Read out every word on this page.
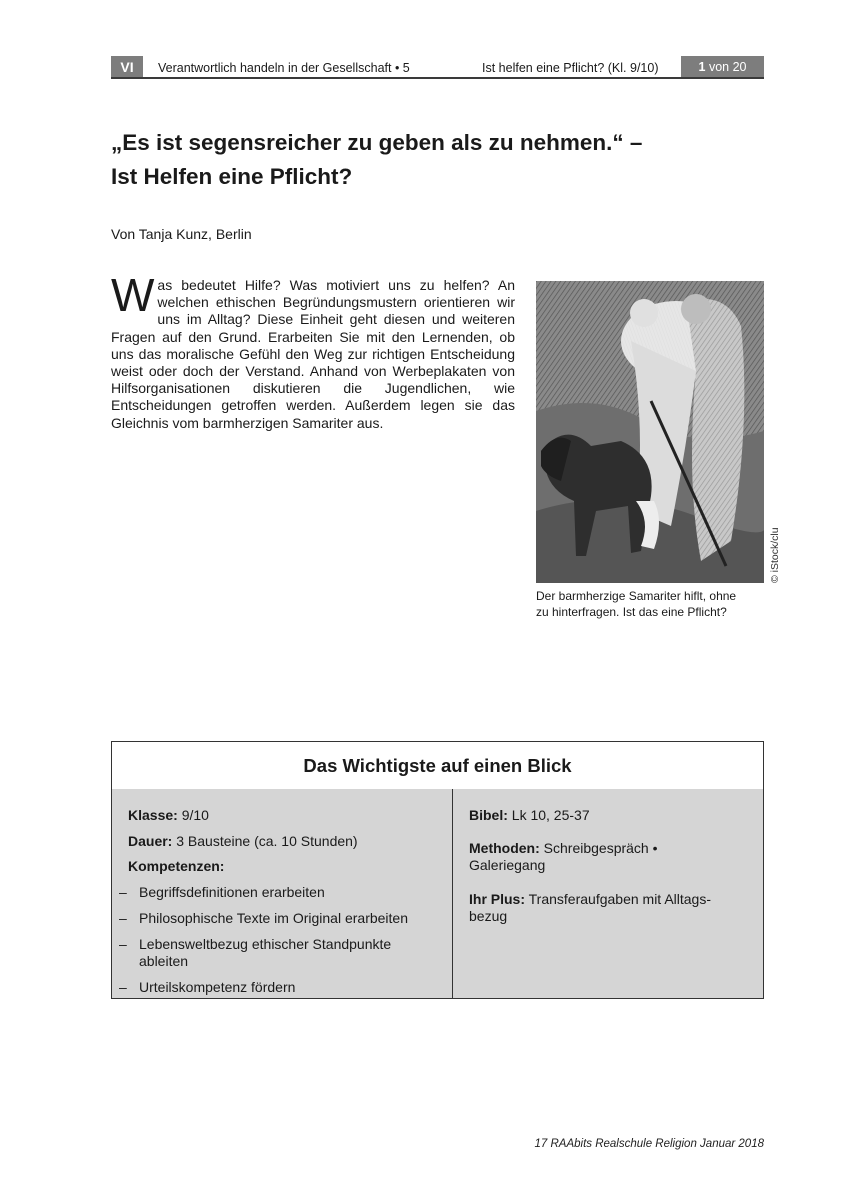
VI	Verantwortlich handeln in der Gesellschaft • 5	Ist helfen eine Pflicht? (Kl. 9/10)	1 von 20
„Es ist segensreicher zu geben als zu nehmen.“ –
Ist Helfen eine Pflicht?
Von Tanja Kunz, Berlin

Was bedeutet Hilfe? Was motiviert uns zu helfen? An welchen ethischen Begründungsmustern orientieren wir uns im Alltag? Diese Einheit geht diesen und weiteren Fragen auf den Grund. Erarbeiten Sie mit den Lernenden, ob uns das moralische Gefühl den Weg zur richtigen Entscheidung weist oder doch der Verstand. Anhand von Werbeplakaten von Hilfsorganisationen diskutieren die Jugendlichen, wie Entscheidungen getroffen werden. Außerdem legen sie das Gleichnis vom barmherzigen Samariter aus.

© iStock/clu

Der barmherzige Samariter hiflt, ohne
zu hinterfragen. Ist das eine Pflicht?

Das Wichtigste auf einen Blick
Klasse: 9/10
Dauer: 3 Bausteine (ca. 10 Stunden)
Kompetenzen:
– Begriffsdefinitionen erarbeiten
– Philosophische Texte im Original erarbeiten
– Lebensweltbezug ethischer Standpunkte
ableiten
– Urteilskompetenz fördern
Bibel: Lk 10, 25-37
Methoden: Schreibgespräch •
Galeriegang
Ihr Plus: Transferaufgaben mit Alltags-
bezug
17 RAAbits Realschule Religion Januar 2018
